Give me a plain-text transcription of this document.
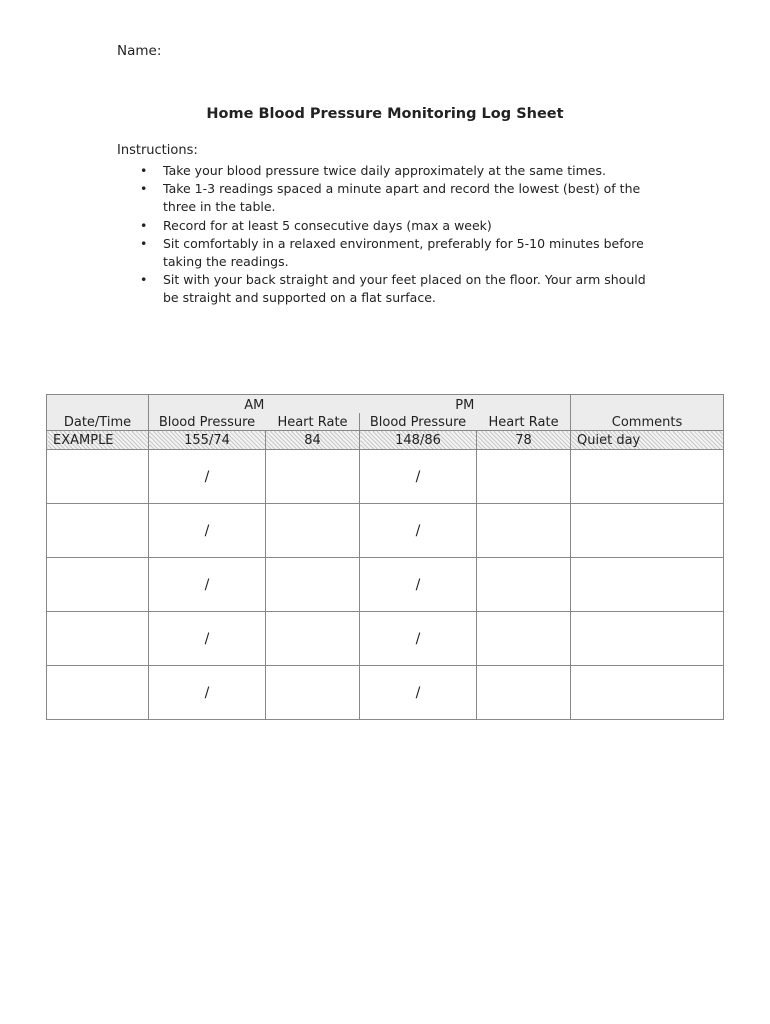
Name:
Home Blood Pressure Monitoring Log Sheet
Instructions:
• Take your blood pressure twice daily approximately at the same times.
• Take 1-3 readings spaced a minute apart and record the lowest (best) of the three in the table.
• Record for at least 5 consecutive days (max a week)
• Sit comfortably in a relaxed environment, preferably for 5-10 minutes before taking the readings.
• Sit with your back straight and your feet placed on the floor. Your arm should be straight and supported on a flat surface.
	AM		PM		
Date/Time	Blood Pressure	Heart Rate	Blood Pressure	Heart Rate	Comments
EXAMPLE	155/74	84	148/86	78	Quiet day
	/		/		
	/		/		
	/		/		
	/		/		
	/		/		
